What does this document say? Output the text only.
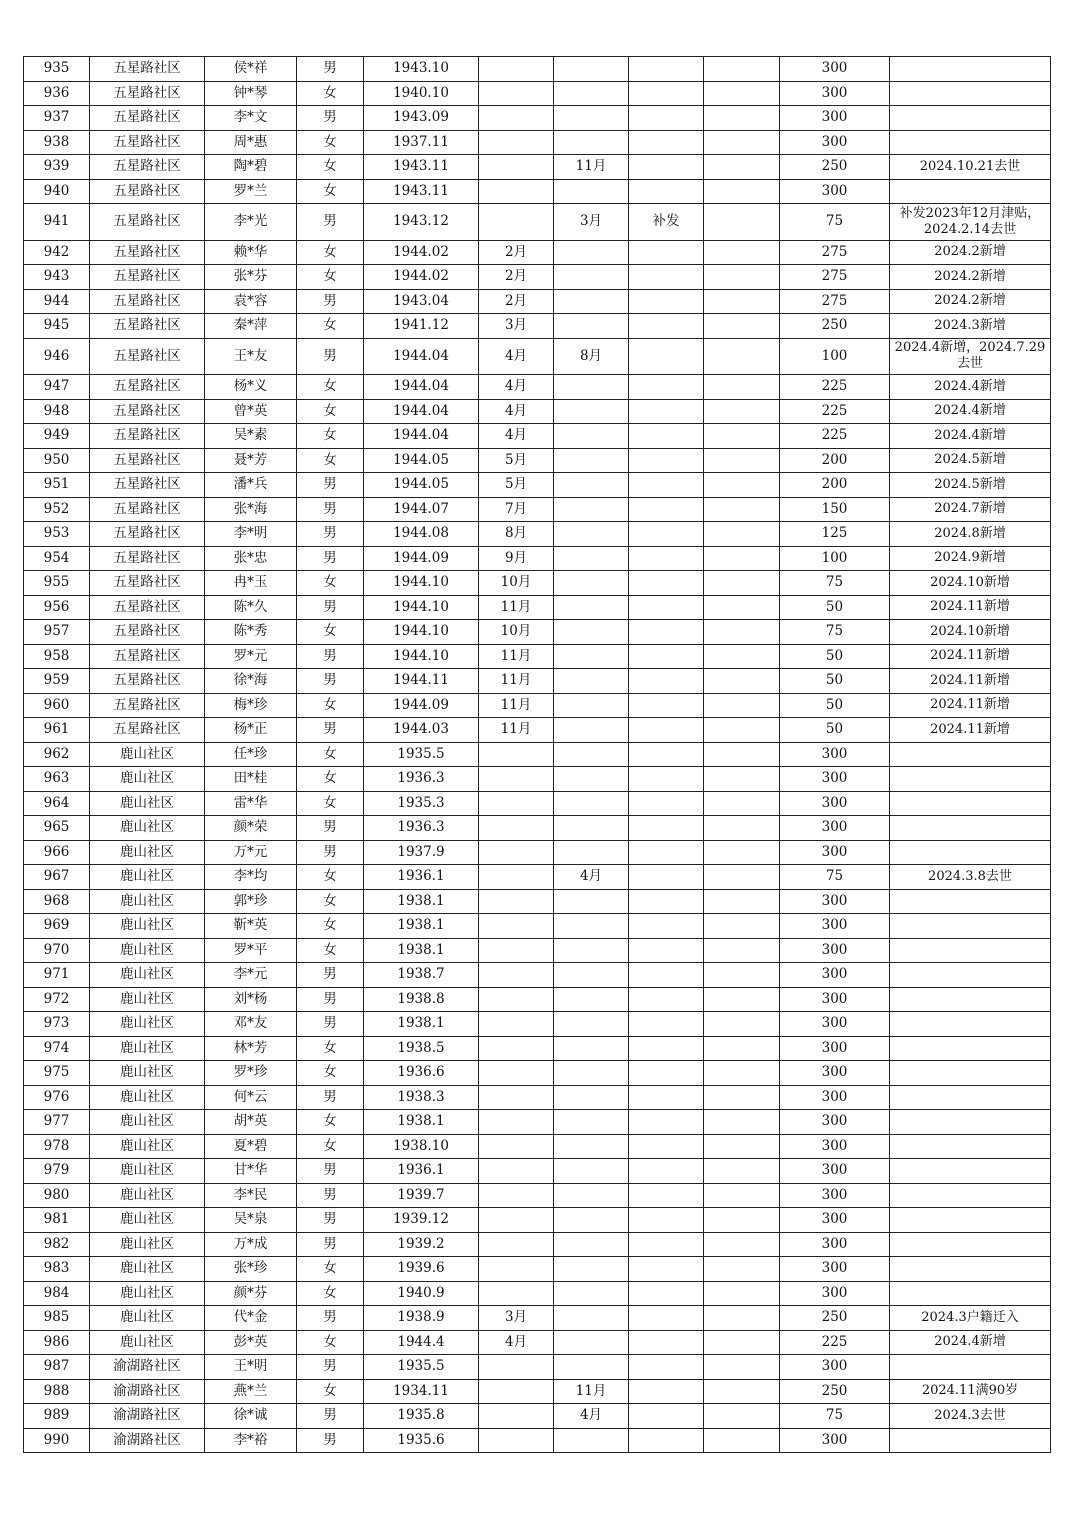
935	五星路社区	侯*祥	男	1943.10					300	
936	五星路社区	钟*琴	女	1940.10					300	
937	五星路社区	李*文	男	1943.09					300	
938	五星路社区	周*惠	女	1937.11					300	
939	五星路社区	陶*碧	女	1943.11		11月			250	2024.10.21去世
940	五星路社区	罗*兰	女	1943.11					300	
941	五星路社区	李*光	男	1943.12		3月	补发		75	补发2023年12月津贴，2024.2.14去世
942	五星路社区	赖*华	女	1944.02	2月				275	2024.2新增
943	五星路社区	张*芬	女	1944.02	2月				275	2024.2新增
944	五星路社区	袁*容	男	1943.04	2月				275	2024.2新增
945	五星路社区	秦*萍	女	1941.12	3月				250	2024.3新增
946	五星路社区	王*友	男	1944.04	4月	8月			100	2024.4新增，2024.7.29去世
947	五星路社区	杨*义	女	1944.04	4月				225	2024.4新增
948	五星路社区	曾*英	女	1944.04	4月				225	2024.4新增
949	五星路社区	吴*素	女	1944.04	4月				225	2024.4新增
950	五星路社区	聂*芳	女	1944.05	5月				200	2024.5新增
951	五星路社区	潘*兵	男	1944.05	5月				200	2024.5新增
952	五星路社区	张*海	男	1944.07	7月				150	2024.7新增
953	五星路社区	李*明	男	1944.08	8月				125	2024.8新增
954	五星路社区	张*忠	男	1944.09	9月				100	2024.9新增
955	五星路社区	冉*玉	女	1944.10	10月				75	2024.10新增
956	五星路社区	陈*久	男	1944.10	11月				50	2024.11新增
957	五星路社区	陈*秀	女	1944.10	10月				75	2024.10新增
958	五星路社区	罗*元	男	1944.10	11月				50	2024.11新增
959	五星路社区	徐*海	男	1944.11	11月				50	2024.11新增
960	五星路社区	梅*珍	女	1944.09	11月				50	2024.11新增
961	五星路社区	杨*正	男	1944.03	11月				50	2024.11新增
962	鹿山社区	任*珍	女	1935.5					300	
963	鹿山社区	田*桂	女	1936.3					300	
964	鹿山社区	雷*华	女	1935.3					300	
965	鹿山社区	颜*荣	男	1936.3					300	
966	鹿山社区	万*元	男	1937.9					300	
967	鹿山社区	李*均	女	1936.1		4月			75	2024.3.8去世
968	鹿山社区	郭*珍	女	1938.1					300	
969	鹿山社区	靳*英	女	1938.1					300	
970	鹿山社区	罗*平	女	1938.1					300	
971	鹿山社区	李*元	男	1938.7					300	
972	鹿山社区	刘*杨	男	1938.8					300	
973	鹿山社区	邓*友	男	1938.1					300	
974	鹿山社区	林*芳	女	1938.5					300	
975	鹿山社区	罗*珍	女	1936.6					300	
976	鹿山社区	何*云	男	1938.3					300	
977	鹿山社区	胡*英	女	1938.1					300	
978	鹿山社区	夏*碧	女	1938.10					300	
979	鹿山社区	甘*华	男	1936.1					300	
980	鹿山社区	李*民	男	1939.7					300	
981	鹿山社区	吴*泉	男	1939.12					300	
982	鹿山社区	万*成	男	1939.2					300	
983	鹿山社区	张*珍	女	1939.6					300	
984	鹿山社区	颜*芬	女	1940.9					300	
985	鹿山社区	代*金	男	1938.9	3月				250	2024.3户籍迁入
986	鹿山社区	彭*英	女	1944.4	4月				225	2024.4新增
987	渝湖路社区	王*明	男	1935.5					300	
988	渝湖路社区	燕*兰	女	1934.11		11月			250	2024.11满90岁
989	渝湖路社区	徐*诚	男	1935.8		4月			75	2024.3去世
990	渝湖路社区	李*裕	男	1935.6					300	
